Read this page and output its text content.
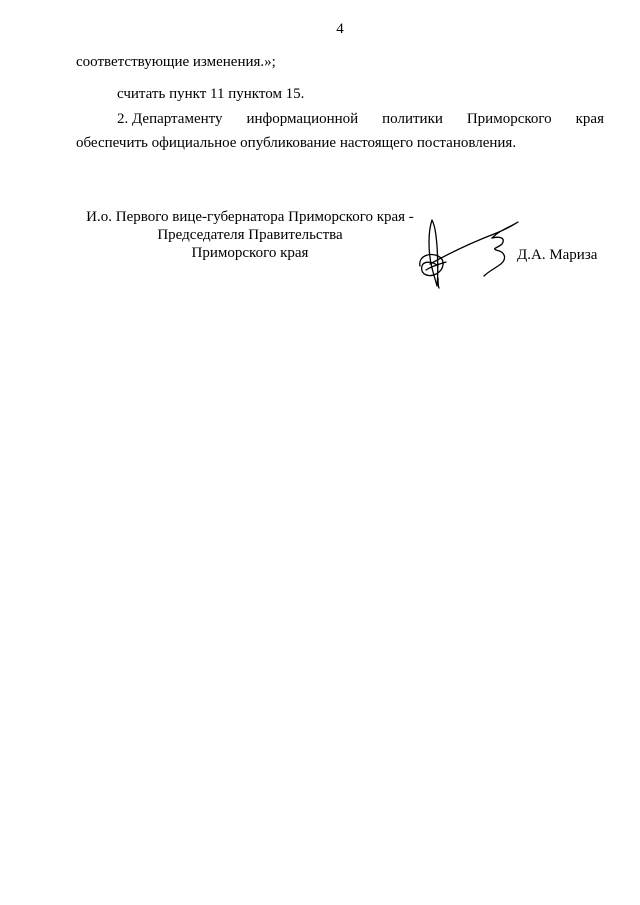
4
соответствующие изменения.»;
считать пункт 11 пунктом 15.
2. Департаменту информационной политики Приморского края
обеспечить официальное опубликование настоящего постановления.
И.о. Первого вице-губернатора Приморского края -
Председателя Правительства
Приморского края	Д.А. Мариза
